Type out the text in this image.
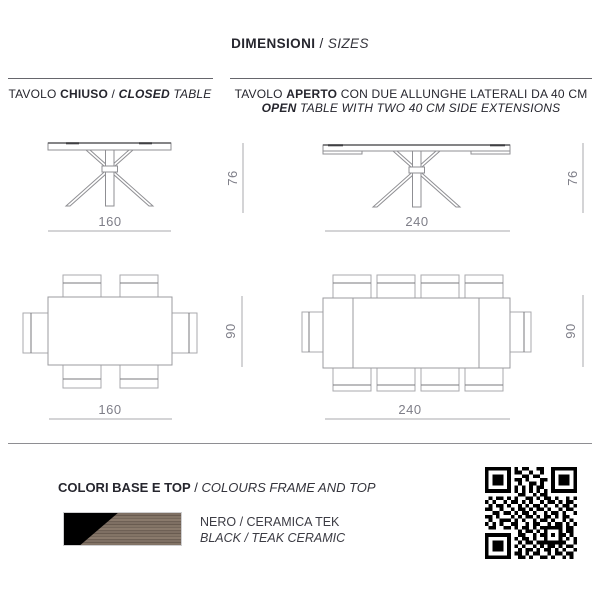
DIMENSIONI / SIZES
TAVOLO CHIUSO / CLOSED TABLE	TAVOLO APERTO CON DUE ALLUNGHE LATERALI DA 40 CM
OPEN TABLE WITH TWO 40 CM SIDE EXTENSIONS
76
160
76
240
90
160
90
240
COLORI BASE E TOP / COLOURS FRAME AND TOP
NERO / CERAMICA TEK
BLACK / TEAK CERAMIC
